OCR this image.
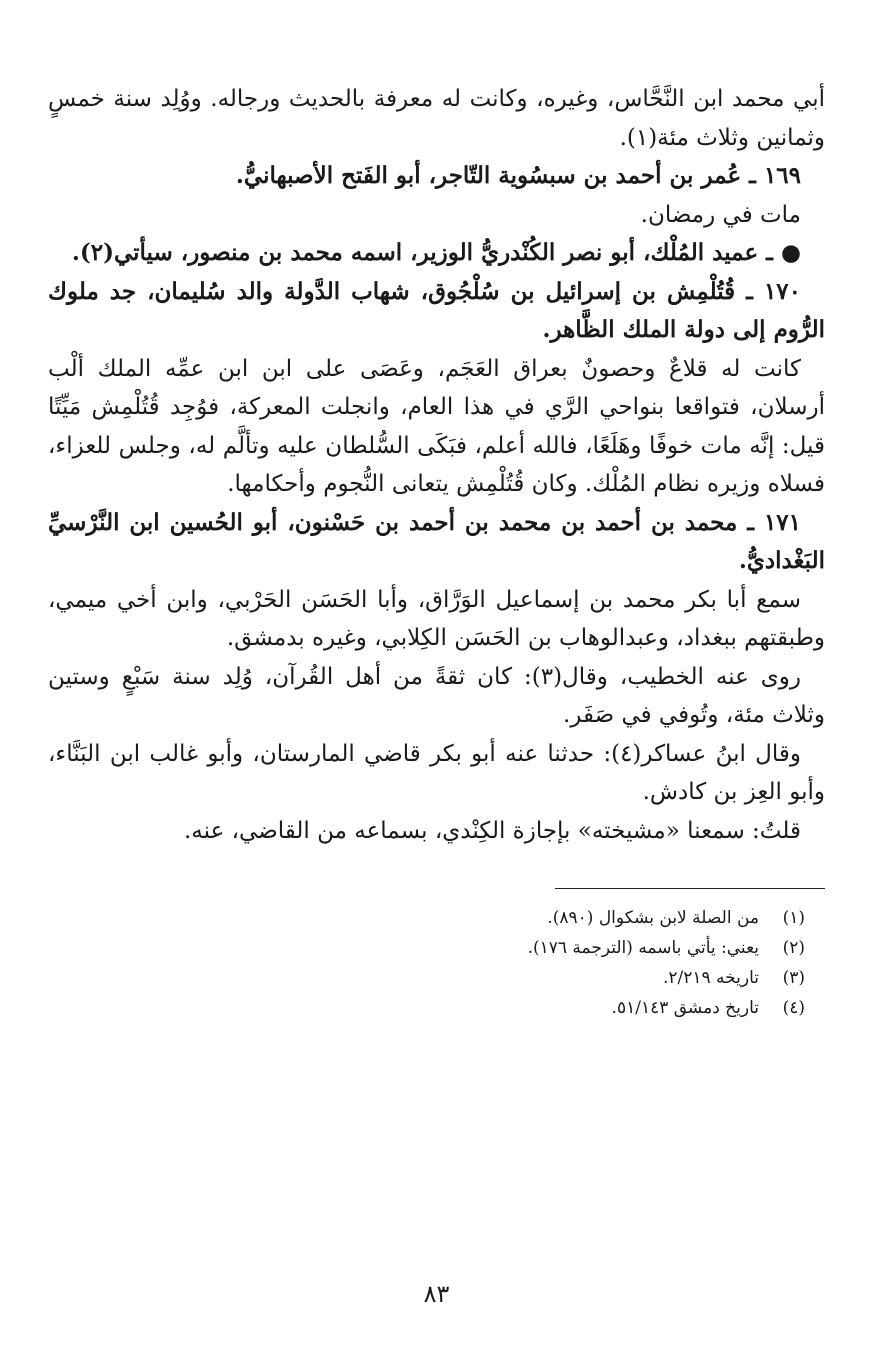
أبي محمد ابن النَّحَّاس، وغيره، وكانت له معرفة بالحديث ورجاله. ووُلِد سنة خمسٍ وثمانين وثلاث مئة(١).

١٦٩ ـ عُمر بن أحمد بن سبسُوية التّاجر، أبو الفَتح الأصبهانيُّ.

مات في رمضان.

● ـ عميد المُلْك، أبو نصر الكُنْدريُّ الوزير، اسمه محمد بن منصور، سيأتي(٢).

١٧٠ ـ قُتُلْمِش بن إسرائيل بن سُلْجُوق، شهاب الدَّولة والد سُليمان، جد ملوك الرُّوم إلى دولة الملك الظَّاهر.

كانت له قلاعٌ وحصونٌ بعراق العَجَم، وعَصَى على ابن ابن عمِّه الملك ألْب أرسلان، فتواقعا بنواحي الرَّي في هذا العام، وانجلت المعركة، فوُجِد قُتُلْمِش مَيِّتًا قيل: إنَّه مات خوفًا وهَلَعًا، فالله أعلم، فبَكَى السُّلطان عليه وتألَّم له، وجلس للعزاء، فسلاه وزيره نظام المُلْك. وكان قُتُلْمِش يتعانى النُّجوم وأحكامها.

١٧١ ـ محمد بن أحمد بن محمد بن أحمد بن حَسْنون، أبو الحُسين ابن النَّرْسيِّ البَغْداديُّ.

سمع أبا بكر محمد بن إسماعيل الوَرَّاق، وأبا الحَسَن الحَرْبي، وابن أخي ميمي، وطبقتهم ببغداد، وعبدالوهاب بن الحَسَن الكِلابي، وغيره بدمشق.

روى عنه الخطيب، وقال(٣): كان ثقةً من أهل القُرآن، وُلِد سنة سَبْعٍ وستين وثلاث مئة، وتُوفي في صَفَر.

وقال ابنُ عساكر(٤): حدثنا عنه أبو بكر قاضي المارستان، وأبو غالب ابن البَنَّاء، وأبو العِز بن كادش.

قلتُ: سمعنا «مشيخته» بإجازة الكِنْدي، بسماعه من القاضي، عنه.

(١)
من الصلة لابن بشكوال (٨٩٠).
(٢)
يعني: يأتي باسمه (الترجمة ١٧٦).
(٣)
تاريخه ٢/٢١٩.
(٤)
تاريخ دمشق ٥١/١٤٣.
٨٣
